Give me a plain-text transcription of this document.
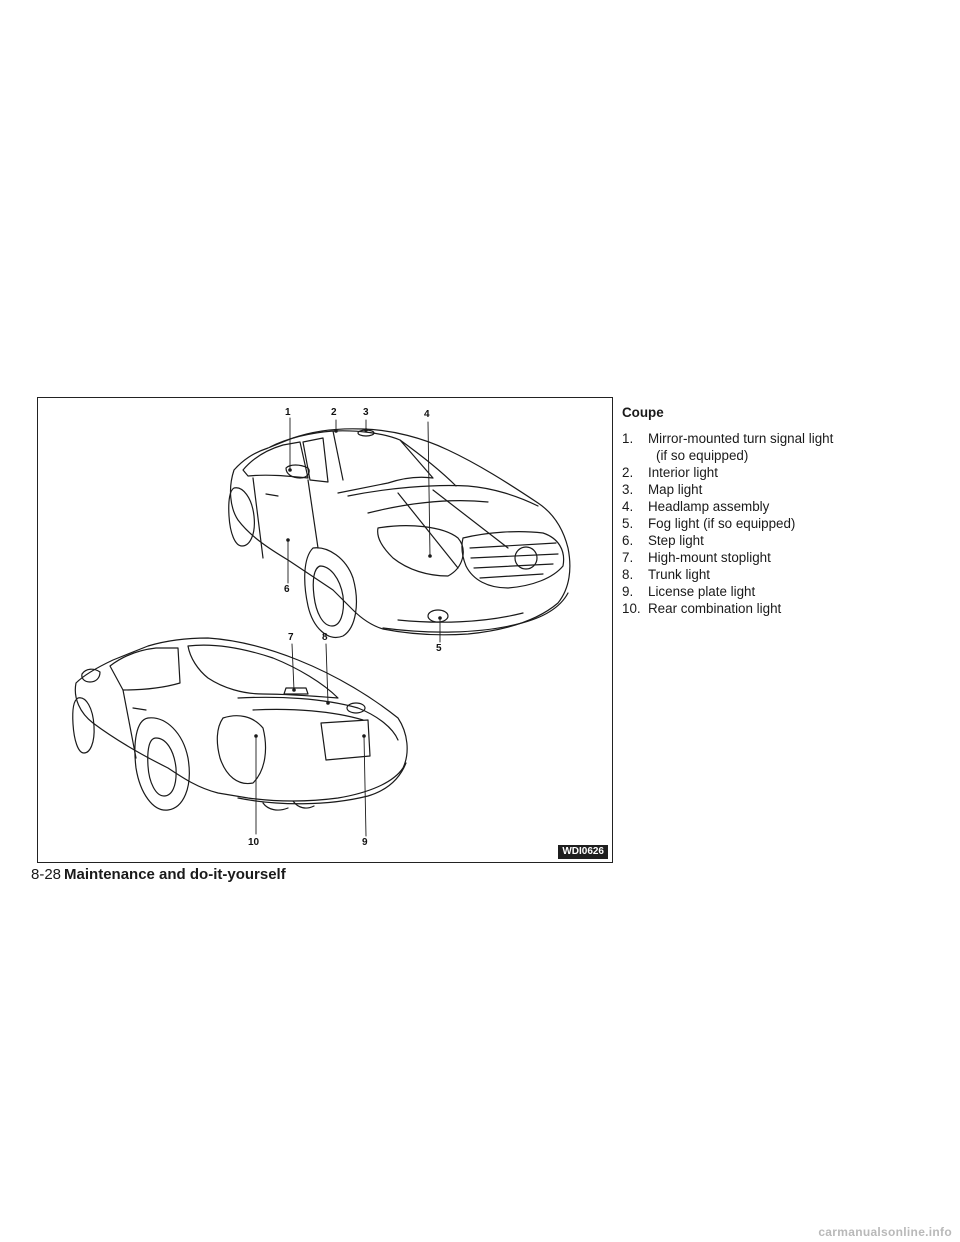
1	2	3	4
5
6
7	8
9
10
WDI0626
Coupe
1.	Mirror-mounted turn signal light
(if so equipped)
2.	Interior light
3.	Map light
4.	Headlamp assembly
5.	Fog light (if so equipped)
6.	Step light
7.	High-mount stoplight
8.	Trunk light
9.	License plate light
10. Rear combination light
8-28 Maintenance and do-it-yourself
carmanualsonline.info
